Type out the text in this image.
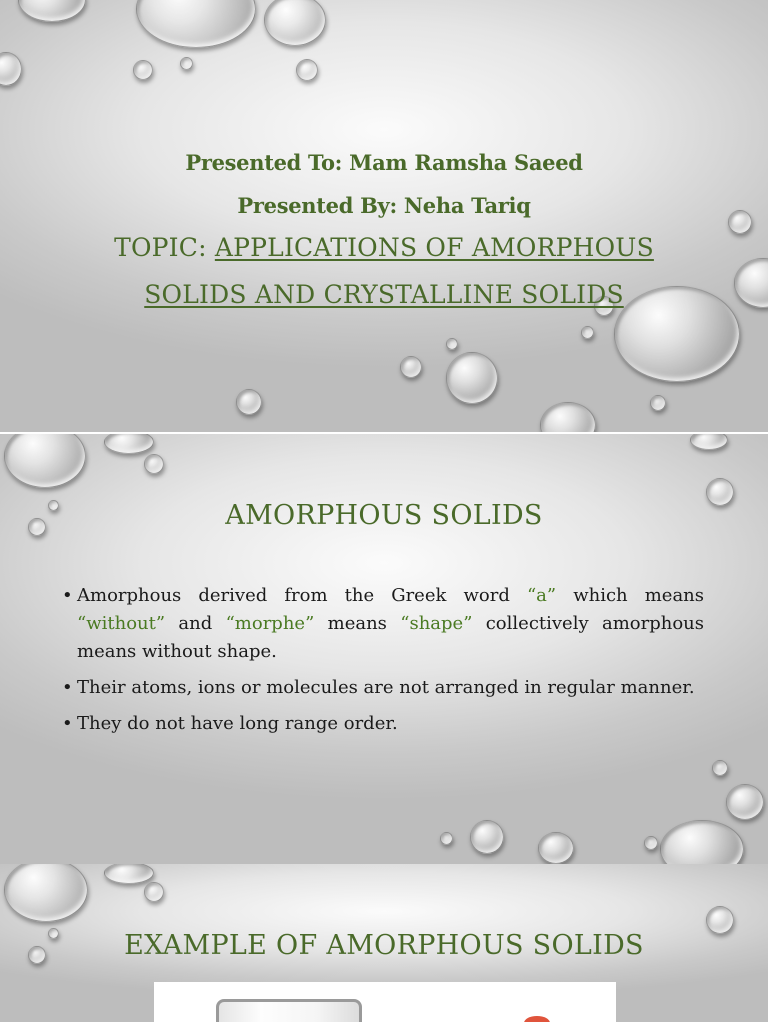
Presented To: Mam Ramsha Saeed
Presented By: Neha Tariq
TOPIC: APPLICATIONS OF AMORPHOUS
SOLIDS AND CRYSTALLINE SOLIDS
AMORPHOUS SOLIDS
• Amorphous derived from the Greek word “a” which means “without” and “morphe” means “shape” collectively amorphous means without shape.
• Their atoms, ions or molecules are not arranged in regular manner.
• They do not have long range order.
EXAMPLE OF AMORPHOUS SOLIDS
